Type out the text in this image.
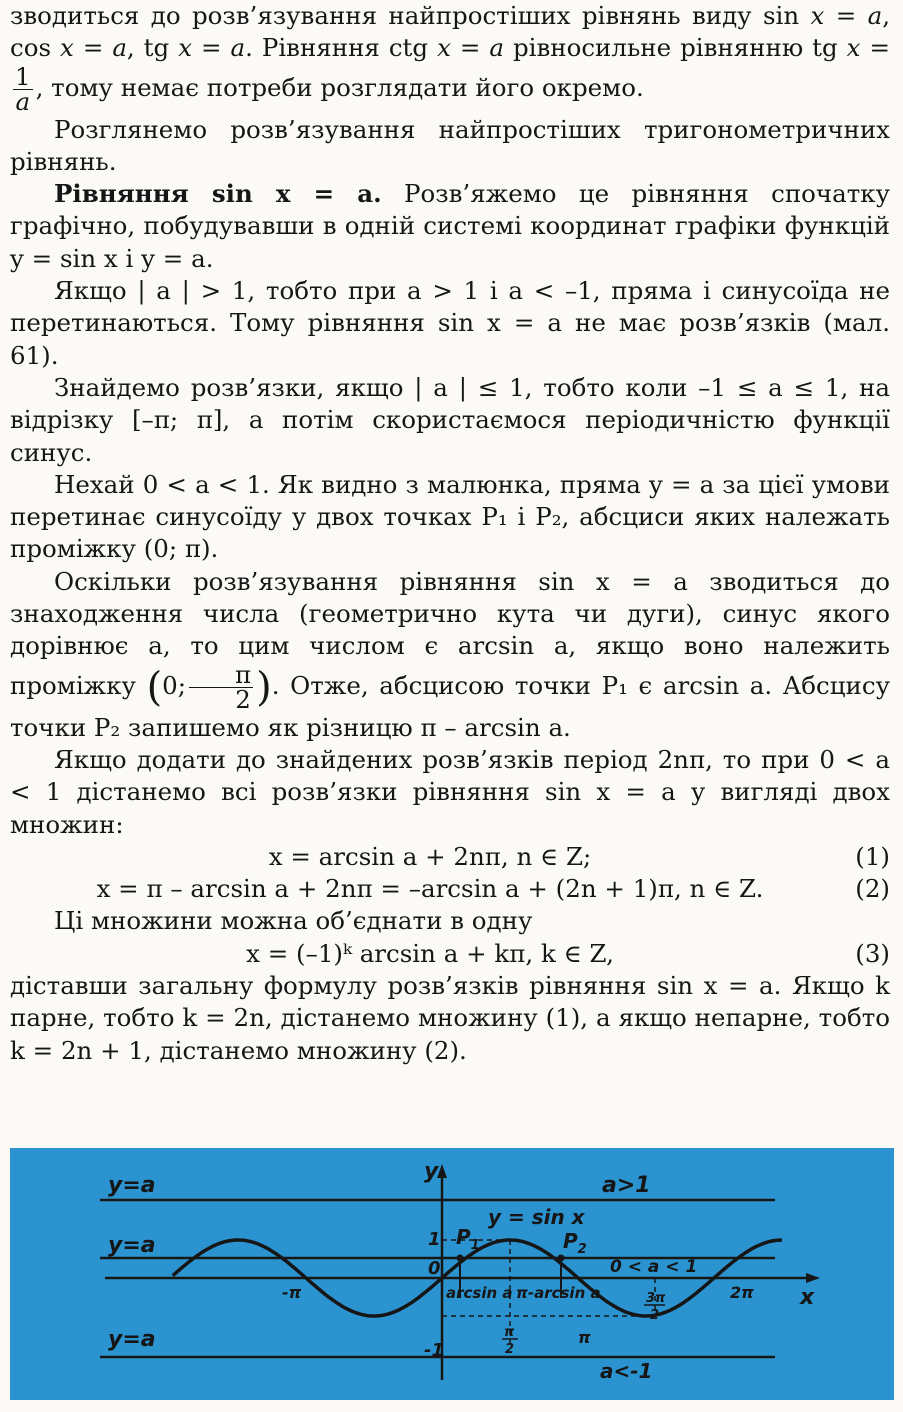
зводиться до розв’язування найпростіших рівнянь виду sin x = a, cos x = a, tg x = a. Рівняння ctg x = a рівносильне рівнянню tg x =
$\frac{1}{a}$ , тому немає потреби розглядати його окремо.

Розглянемо розв’язування найпростіших тригонометричних рівнянь.

Рівняння sin x = a. Розв’яжемо це рівняння спочатку графічно, побудувавши в одній системі координат графіки функцій y = sin x і y = a.

Якщо | a | > 1, тобто при a > 1 і a < –1, пряма і синусоїда не перетинаються. Тому рівняння sin x = a не має розв’язків (мал. 61).

Знайдемо розв’язки, якщо | a | ≤ 1, тобто коли –1 ≤ a ≤ 1, на відрізку [–π; π], а потім скористаємося періодичністю функції синус.

Нехай 0 < a < 1. Як видно з малюнка, пряма y = a за цієї умови перетинає синусоїду у двох точках P₁ і P₂, абсциси яких належать проміжку (0; π).

Оскільки розв’язування рівняння sin x = a зводиться до знаходження числа (геометрично кута чи дуги), синус якого дорівнює a, то цим числом є arcsin a, якщо воно належить проміжку (0; $\frac{\pi}{2}$ ). Отже, абсцисою точки P₁ є arcsin a. Абсцису точки P₂ запишемо як різницю π – arcsin a.

Якщо додати до знайдених розв’язків період 2nπ, то при 0 < a < 1 дістанемо всі розв’язки рівняння sin x = a у вигляді двох множин:

x = arcsin a + 2nπ, n ∈ Z;	(1)
x = π – arcsin a + 2nπ = –arcsin a + (2n + 1)π, n ∈ Z.	(2)

Ці множини можна об’єднати в одну

x = (–1)ᵏ arcsin a + kπ, k ∈ Z,	(3)

діставши загальну формулу розв’язків рівняння sin x = a. Якщо k парне, тобто k = 2n, дістанемо множину (1), а якщо непарне, тобто k = 2n + 1, дістанемо множину (2).

y=a	a>1
y
y = sin x
y=a	1 $P_1$	$P_2$
0	0 < a < 1
-π	arcsin a π-arcsin a	3π
2
2π x
y=a	-1
π
2
π
a<-1
